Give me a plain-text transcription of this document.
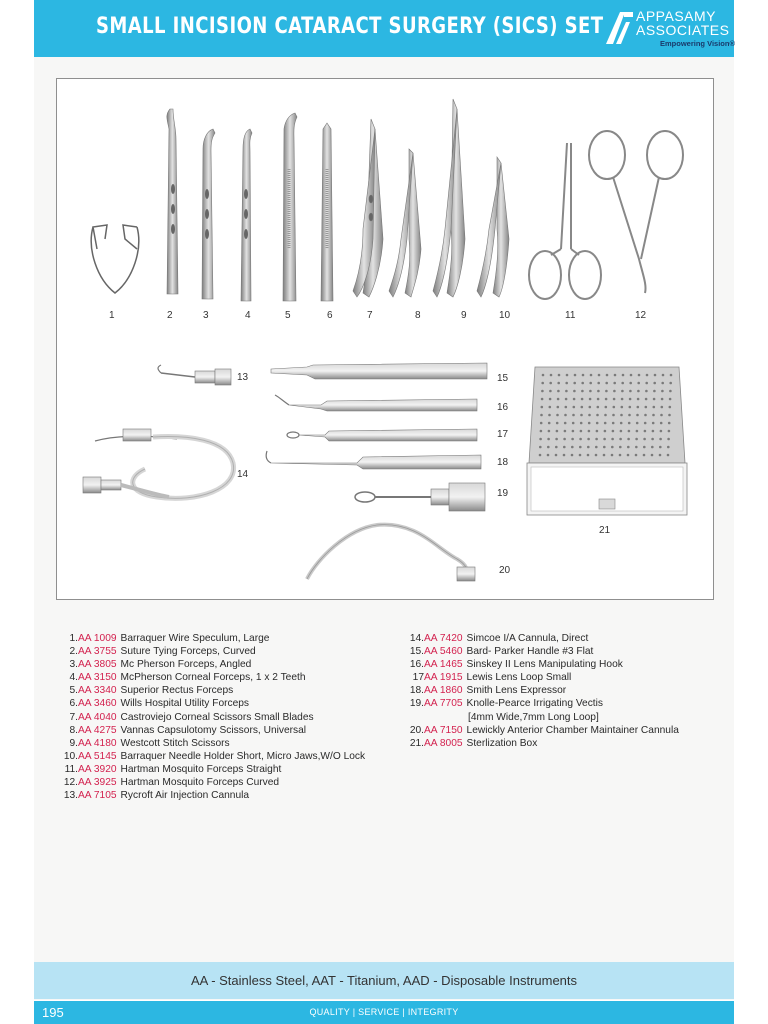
SMALL INCISION CATARACT SURGERY (SICS) SET APPASAMY
ASSOCIATES
Empowering Vision®
1	2	3	4	5	6	7	8	9	10	11	12
13
14
15
16
17
18
19
20
21
1. AA 1009 Barraquer Wire Speculum, Large
2. AA 3755 Suture Tying Forceps, Curved
3. AA 3805 Mc Pherson Forceps, Angled
4. AA 3150 McPherson Corneal Forceps, 1 x 2 Teeth
5. AA 3340 Superior Rectus Forceps
6. AA 3460 Wills Hospital Utility Forceps
7. AA 4040 Castroviejo Corneal Scissors Small Blades
8. AA 4275 Vannas Capsulotomy Scissors, Universal
9. AA 4180 Westcott Stitch Scissors
10. AA 5145 Barraquer Needle Holder Short, Micro Jaws,W/O Lock
11. AA 3920 Hartman Mosquito Forceps Straight
12. AA 3925 Hartman Mosquito Forceps Curved
13. AA 7105 Rycroft Air Injection Cannula
14. AA 7420 Simcoe I/A Cannula, Direct
15. AA 5460 Bard- Parker Handle #3 Flat
16. AA 1465 Sinskey II Lens Manipulating Hook
17 AA 1915 Lewis Lens Loop Small
18. AA 1860 Smith Lens Expressor
19. AA 7705 Knolle-Pearce Irrigating Vectis
[4mm Wide,7mm Long Loop]
20. AA 7150 Lewickly Anterior Chamber Maintainer Cannula
21. AA 8005 Sterlization Box
AA - Stainless Steel, AAT - Titanium, AAD - Disposable Instruments
195	QUALITY | SERVICE | INTEGRITY
